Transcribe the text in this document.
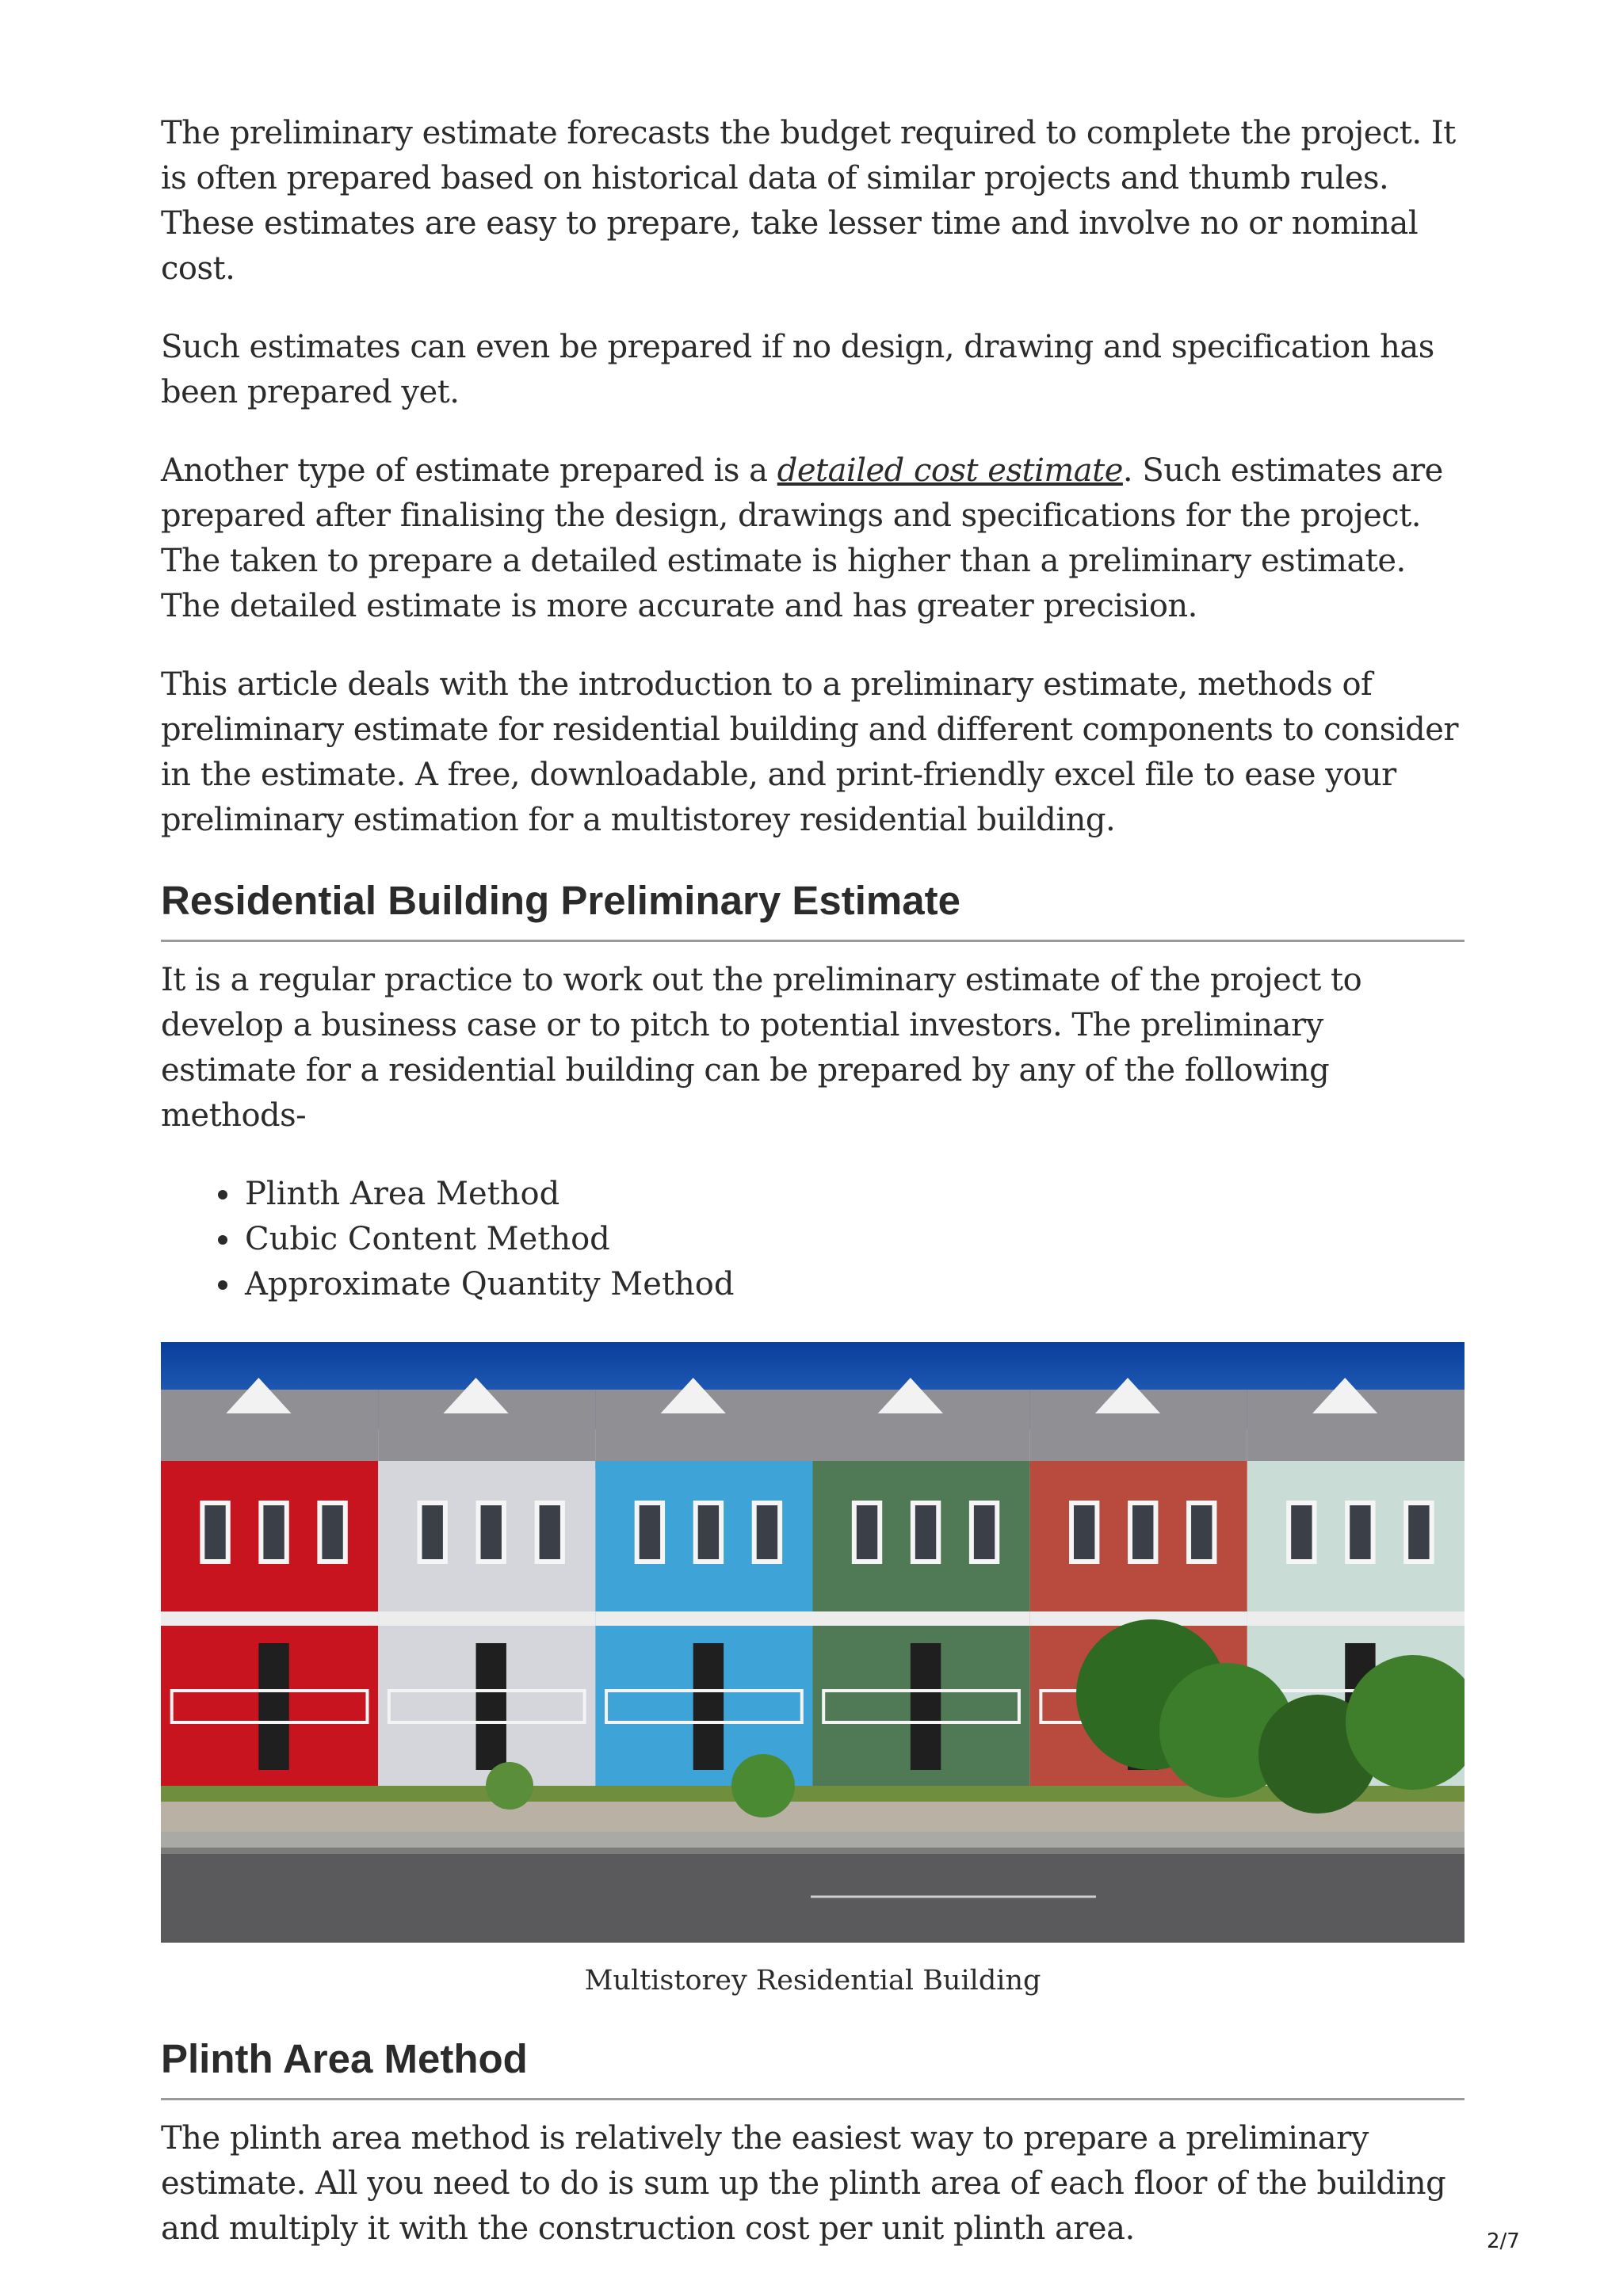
The preliminary estimate forecasts the budget required to complete the project. It is often prepared based on historical data of similar projects and thumb rules. These estimates are easy to prepare, take lesser time and involve no or nominal cost.

Such estimates can even be prepared if no design, drawing and specification has been prepared yet.

Another type of estimate prepared is a detailed cost estimate. Such estimates are prepared after finalising the design, drawings and specifications for the project. The taken to prepare a detailed estimate is higher than a preliminary estimate. The detailed estimate is more accurate and has greater precision.

This article deals with the introduction to a preliminary estimate, methods of preliminary estimate for residential building and different components to consider in the estimate. A free, downloadable, and print-friendly excel file to ease your preliminary estimation for a multistorey residential building.

Residential Building Preliminary Estimate

It is a regular practice to work out the preliminary estimate of the project to develop a business case or to pitch to potential investors. The preliminary estimate for a residential building can be prepared by any of the following methods-

• Plinth Area Method
• Cubic Content Method
• Approximate Quantity Method
Multistorey Residential Building
Plinth Area Method

The plinth area method is relatively the easiest way to prepare a preliminary estimate. All you need to do is sum up the plinth area of each floor of the building and multiply it with the construction cost per unit plinth area.	2/7
